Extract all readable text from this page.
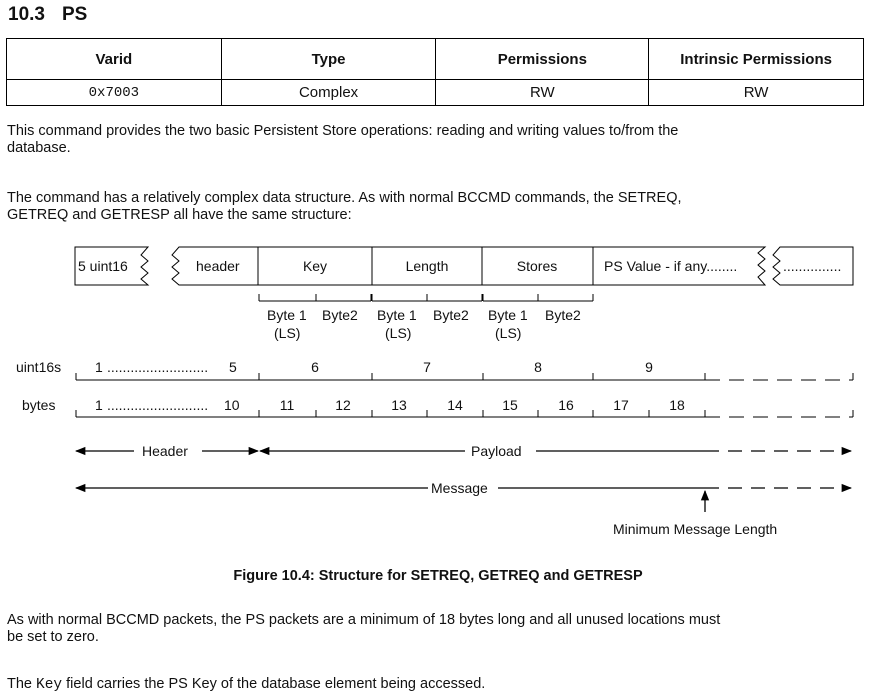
10.3 PS
Varid	Type	Permissions	Intrinsic Permissions
0x7003	Complex	RW	RW

This command provides the two basic Persistent Store operations: reading and writing values to/from the
database.

The command has a relatively complex data structure. As with normal BCCMD commands, the SETREQ,
GETREQ and GETRESP all have the same structure:

5 uint16	header	Key	Length	Stores	PS Value - if any........	...............
Byte 1 Byte2 Byte 1 Byte2 Byte 1 Byte2
(LS)	(LS)	(LS)
uint16s 1 .......................... 5	6	7	8	9
bytes	1 .......................... 10	11	12	13	14	15	16	17	18
Header	Payload
Message
Minimum Message Length
Figure 10.4: Structure for SETREQ, GETREQ and GETRESP

As with normal BCCMD packets, the PS packets are a minimum of 18 bytes long and all unused locations must
be set to zero.

The Key field carries the PS Key of the database element being accessed.
